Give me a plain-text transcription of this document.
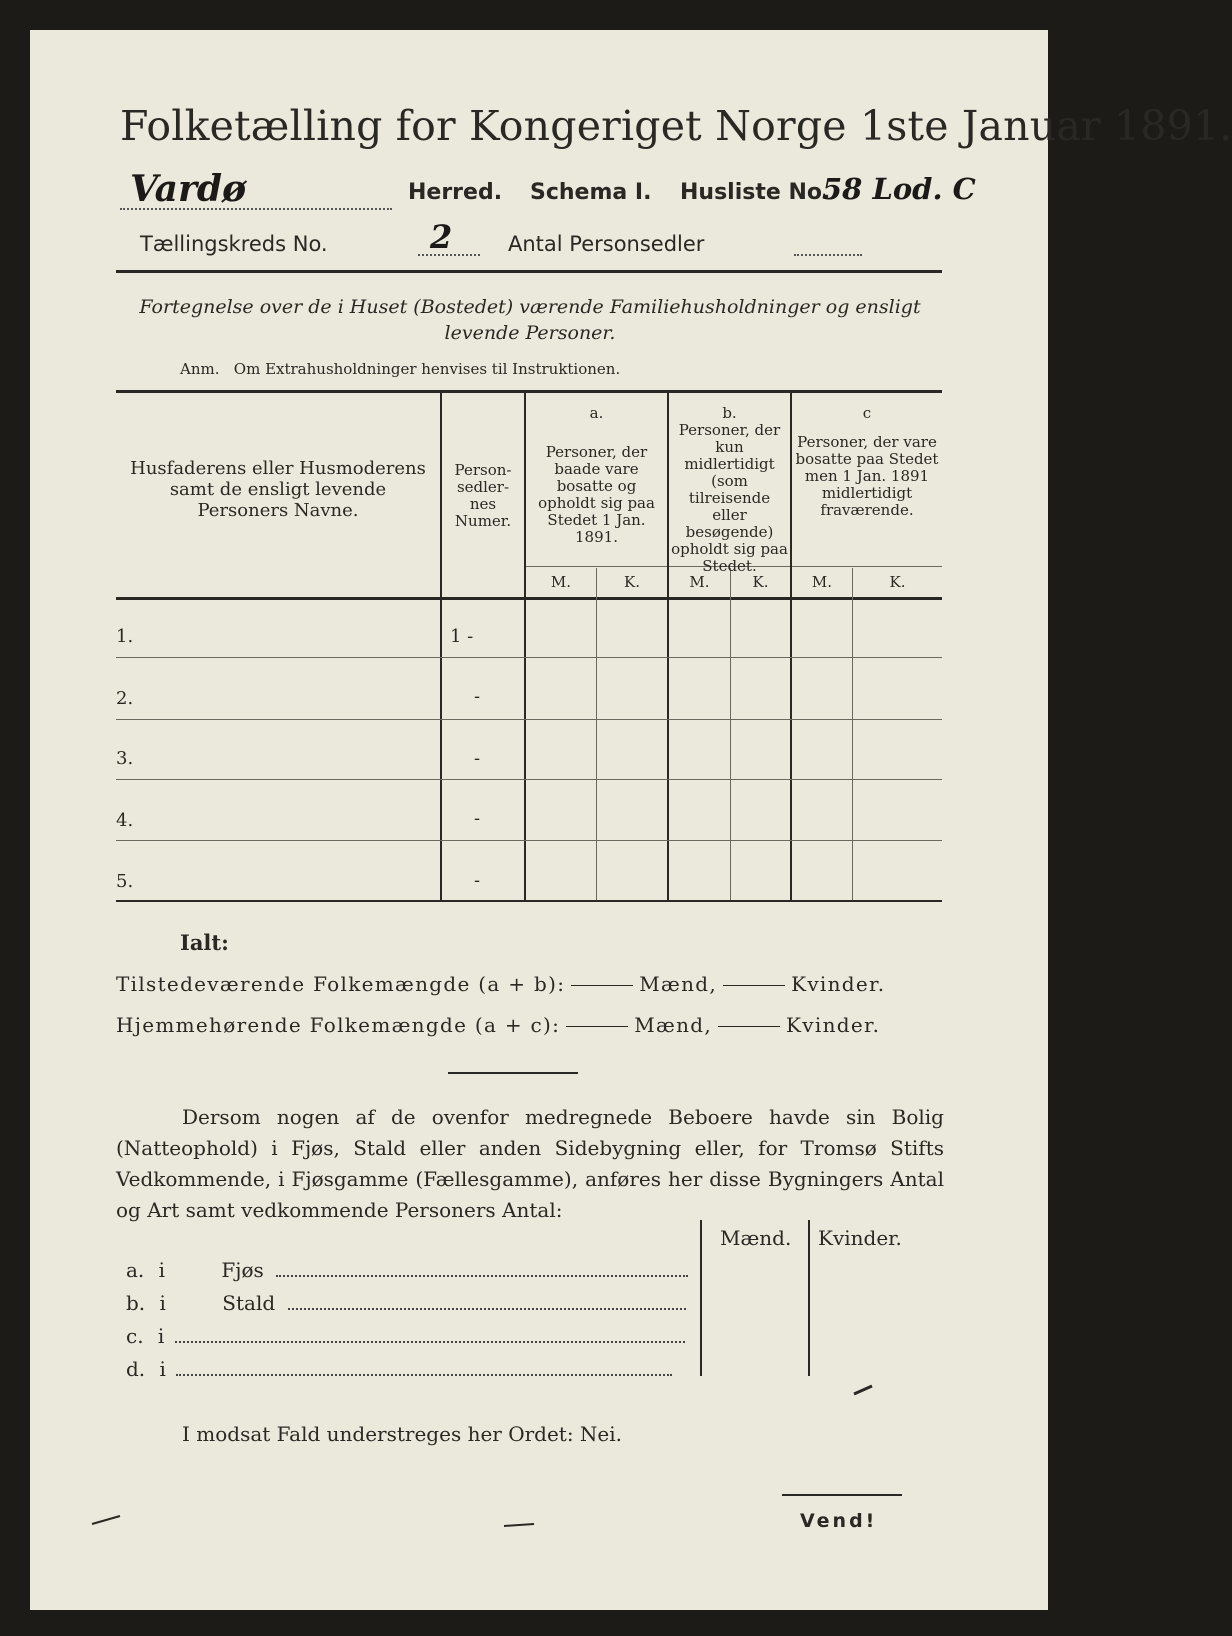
Folketælling for Kongeriget Norge 1ste Januar 1891.
Vardø	Herred. Schema I. Husliste No.
58 Lod. C
Tællingskreds No.	2	Antal Personsedler
Fortegnelse over de i Huset (Bostedet) værende Familiehusholdninger og ensligt levende Personer.
Anm.   Om Extrahusholdninger henvises til Instruktionen.
Husfaderens eller Husmoderens samt de ensligt levende Personers Navne.
Person-sedler-nes Numer.
a.
Personer, der baade vare bosatte og opholdt sig paa Stedet 1 Jan. 1891.
b.
Personer, der kun midlertidigt (som tilreisende eller besøgende) opholdt sig paa Stedet.
c
Personer, der vare bosatte paa Stedet men 1 Jan. 1891 midlertidigt fraværende.
M.	K.	M.	K.	M.	K.
1.	1 -
2.	-
3.	-
4.	-
5.	-
Ialt:
Tilstedeværende Folkemængde (a + b):	Mænd,	Kvinder.
Hjemmehørende Folkemængde (a + c):	Mænd,	Kvinder.
Dersom nogen af de ovenfor medregnede Beboere havde sin Bolig (Natteophold) i Fjøs, Stald eller anden Sidebygning eller, for Tromsø Stifts Vedkommende, i Fjøsgamme (Fællesgamme), anføres her disse Bygningers Antal og Art samt vedkommende Personers Antal:
Mænd. Kvinder.
a. i	Fjøs
b. i	Stald
c. i
d. i
I modsat Fald understreges her Ordet: Nei.
Vend!
